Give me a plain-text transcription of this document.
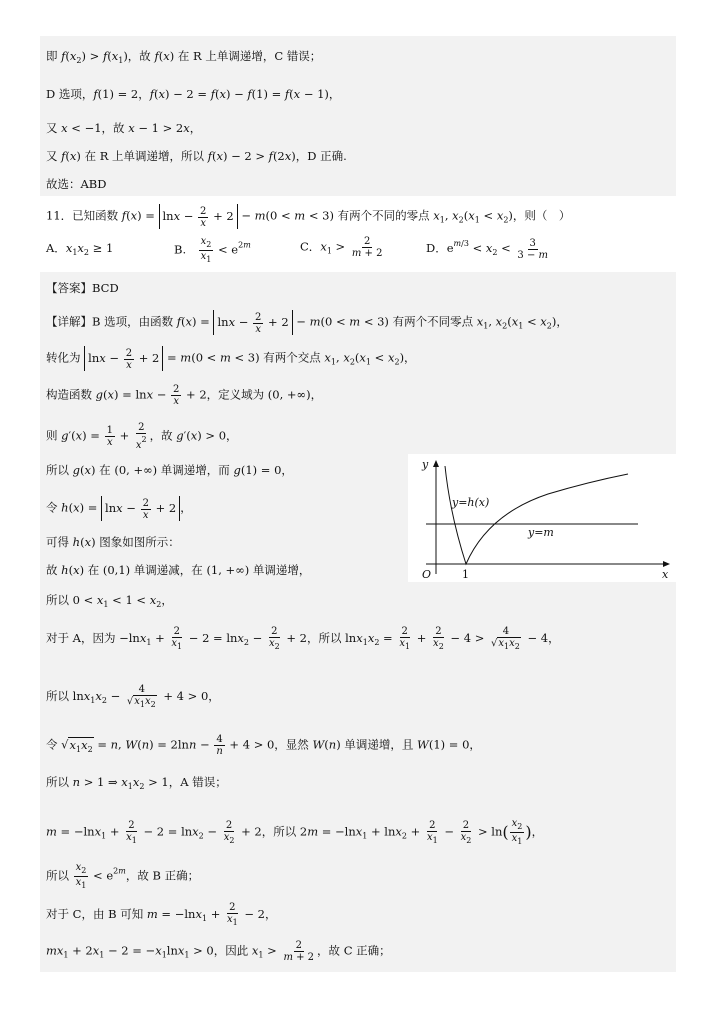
即 $f(x_2) > f(x_1)$，故 f(x) 在 R 上单调递增，C 错误；
D 选项，f(1) = 2，f(x) − 2 = f(x) − f(1) = f(x − 1)，
又 x < −1，故 x − 1 > 2x，
又 f(x) 在 R 上单调递增，所以 f(x) − 2 > f(2x)，D 正确.
故选：ABD
11．已知函数 $f(x) = \ln x - \frac{2}{x} + 2 - m(0 < m < 3)$ 有两个不同的零点 $x_1$, $x_2(x_1 < x_2)$，则（　）
A．$x_1x_2 \ge 1$	B.　 $\frac{x_2}{x_1} < e^{2m}$	C．$x_1 > \frac{2}{m + 2}$	D．$e^{m/3} < x_2 < \frac{3}{3 - m}$
【答案】BCD
【详解】B 选项，由函数 $f(x) = \ln x - \frac{2}{x} + 2 - m(0 < m < 3)$ 有两个不同零点 $x_1$, $x_2(x_1 < x_2)$，
转化为 $\ln x - \frac{2}{x} + 2 = m(0 < m < 3)$ 有两个交点 $x_1$, $x_2(x_1 < x_2)$，
构造函数 $g(x) = \ln x - \frac{2}{x} + 2$，定义域为 (0, +∞)，
则 $g'(x) = \frac{1}{x} + \frac{2}{x^2}$ ，故 g′(x) > 0，
所以 g(x) 在 (0, +∞) 单调递增，而 g(1) = 0，
令 $h(x) = \ln x - \frac{2}{x} + 2$ ，
可得 h(x) 图象如图所示：
故 h(x) 在 (0,1) 单调递减，在 (1, +∞) 单调递增，
y
x
O	1
y=h(x)
y=m
所以 $0 < x_1 < 1 < x_2$，
对于 A，因为 $-\ln x_1 + \frac{2}{x_1} - 2 = \ln x_2 - \frac{2}{x_2} + 2$，所以 $\ln x_1x_2 = \frac{2}{x_1} + \frac{2}{x_2} - 4 > \frac{4}{√x_1x_2} - 4$，
所以 $\ln x_1x_2 - \frac{4}{√x_1x_2} + 4 > 0$，
令 $√x_1x_2 = n$, $W(n) = 2\ln n - \frac{4}{n} + 4 > 0$，显然 W(n) 单调递增，且 W(1) = 0，
所以 n > 1 ⇒ $x_1x_2 > 1$，A 错误；
$m = -\ln x_1 + \frac{2}{x_1} - 2 = \ln x_2 - \frac{2}{x_2} + 2$，所以 $2m = -\ln x_1 + \ln x_2 + \frac{2}{x_1} - \frac{2}{x_2} > \ln( \frac{x_2}{x_1}$ )，
所以 $\frac{x_2}{x_1} < e^{2m}$，故 B 正确；
对于 C，由 B 可知 $m = -\ln x_1 + \frac{2}{x_1} - 2$，
$mx_1 + 2x_1 - 2 = -x_1\ln x_1 > 0$，因此 $x_1 > \frac{2}{m + 2}$ ，故 C 正确；
